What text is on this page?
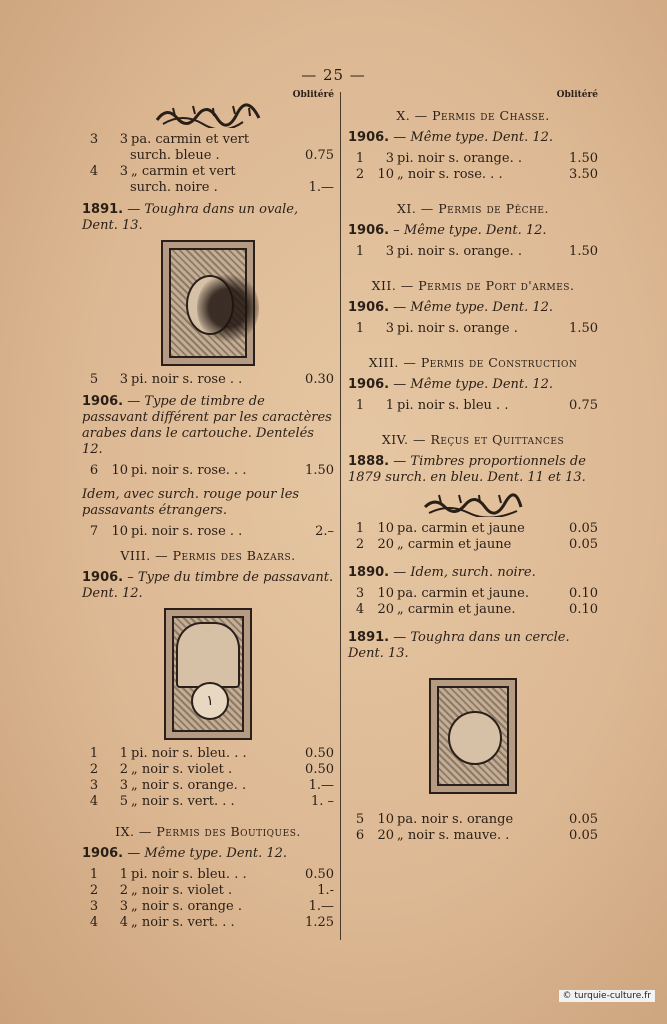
— 25 —
Oblitéré
3	3 pa. carmin et vert
surch. bleue .	0.75
4	3 „ carmin et vert
surch. noire .	1.—
1891. — Toughra dans un ovale, Dent. 13.
5	3 pi. noir s. rose . .	0.30
1906. — Type de timbre de passavant différent par les caractères arabes dans le cartouche. Dentelés 12.
6	10 pi. noir s. rose. . .	1.50
Idem, avec surch. rouge pour les passavants étrangers.
7	10 pi. noir s. rose . .	2.–
VIII. — Permis des Bazars.
1906. – Type du timbre de passavant. Dent. 12.
١
1	1 pi. noir s. bleu. . .	0.50
2	2 „ noir s. violet .	0.50
3	3 „ noir s. orange. .	1.—
4	5 „ noir s. vert. . .	1. –
IX. — Permis des Boutiques.
1906. — Même type. Dent. 12.
1	1 pi. noir s. bleu. . .	0.50
2	2 „ noir s. violet .	1.-
3	3 „ noir s. orange .	1.—
4	4 „ noir s. vert. . .	1.25
Oblitéré
X. — Permis de Chasse.
1906. — Même type. Dent. 12.
1	3 pi. noir s. orange. .	1.50
2	10 „ noir s. rose. . .	3.50
XI. — Permis de Pêche.
1906. – Même type. Dent. 12.
1	3 pi. noir s. orange. .	1.50
XII. — Permis de Port d'armes.
1906. — Même type. Dent. 12.
1	3 pi. noir s. orange .	1.50
XIII. — Permis de Construction
1906. — Même type. Dent. 12.
1	1 pi. noir s. bleu . .	0.75
XIV. — Reçus et Quittances
1888. — Timbres proportionnels de 1879 surch. en bleu. Dent. 11 et 13.
1	10 pa. carmin et jaune	0.05
2	20 „ carmin et jaune	0.05
1890. — Idem, surch. noire.
3	10 pa. carmin et jaune.	0.10
4	20 „ carmin et jaune.	0.10
1891. — Toughra dans un cercle. Dent. 13.
5	10 pa. noir s. orange	0.05
6	20 „ noir s. mauve. .	0.05
© turquie-culture.fr
